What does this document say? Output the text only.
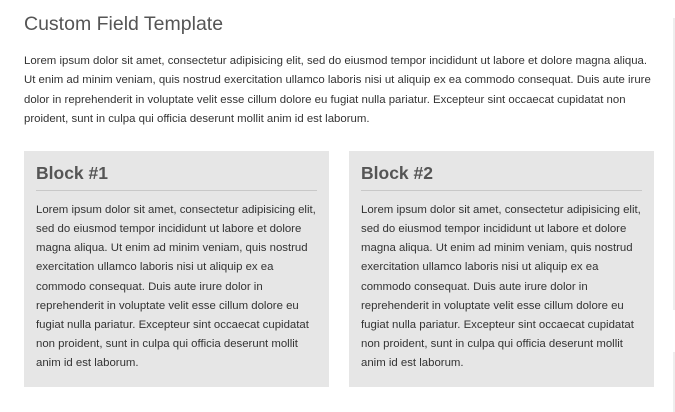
Custom Field Template

Lorem ipsum dolor sit amet, consectetur adipisicing elit, sed do eiusmod tempor incididunt ut labore et dolore magna aliqua. Ut enim ad minim veniam, quis nostrud exercitation ullamco laboris nisi ut aliquip ex ea commodo consequat. Duis aute irure dolor in reprehenderit in voluptate velit esse cillum dolore eu fugiat nulla pariatur. Excepteur sint occaecat cupidatat non proident, sunt in culpa qui officia deserunt mollit anim id est laborum.

Block #1

Lorem ipsum dolor sit amet, consectetur adipisicing elit, sed do eiusmod tempor incididunt ut labore et dolore magna aliqua. Ut enim ad minim veniam, quis nostrud exercitation ullamco laboris nisi ut aliquip ex ea commodo consequat. Duis aute irure dolor in reprehenderit in voluptate velit esse cillum dolore eu fugiat nulla pariatur. Excepteur sint occaecat cupidatat non proident, sunt in culpa qui officia deserunt mollit anim id est laborum.

Block #2

Lorem ipsum dolor sit amet, consectetur adipisicing elit, sed do eiusmod tempor incididunt ut labore et dolore magna aliqua. Ut enim ad minim veniam, quis nostrud exercitation ullamco laboris nisi ut aliquip ex ea commodo consequat. Duis aute irure dolor in reprehenderit in voluptate velit esse cillum dolore eu fugiat nulla pariatur. Excepteur sint occaecat cupidatat non proident, sunt in culpa qui officia deserunt mollit anim id est laborum.
